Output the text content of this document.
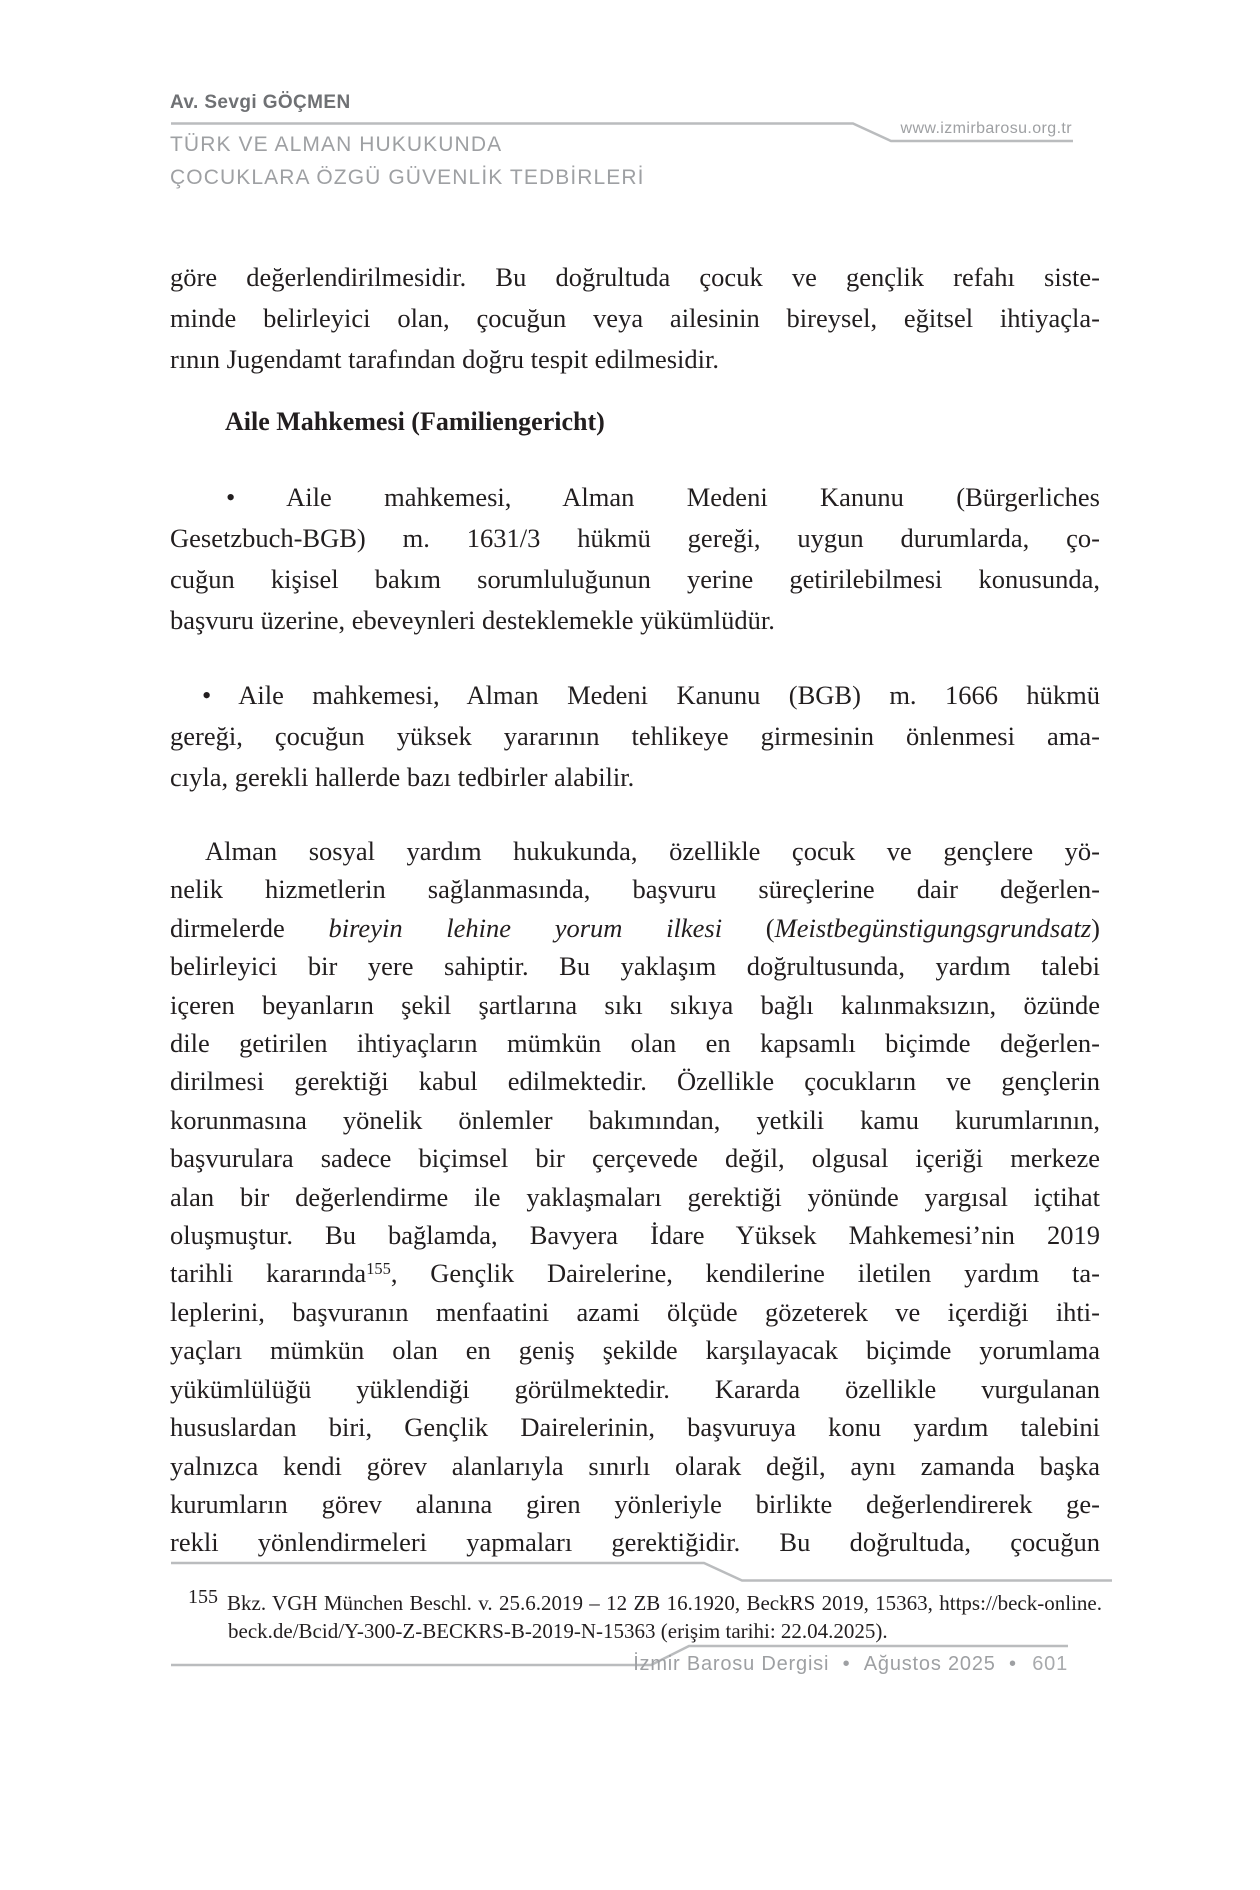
Av. Sevgi GÖÇMEN
TÜRK VE ALMAN HUKUKUNDA
ÇOCUKLARA ÖZGÜ GÜVENLİK TEDBİRLERİ
www.izmirbarosu.org.tr
göre değerlendirilmesidir. Bu doğrultuda çocuk ve gençlik refahı siste-
minde belirleyici olan, çocuğun veya ailesinin bireysel, eğitsel ihtiyaçla-
rının Jugendamt tarafından doğru tespit edilmesidir.
Aile Mahkemesi (Familiengericht)
• Aile mahkemesi, Alman Medeni Kanunu (Bürgerliches
Gesetzbuch-BGB) m. 1631/3 hükmü gereği, uygun durumlarda, ço-
cuğun kişisel bakım sorumluluğunun yerine getirilebilmesi konusunda,
başvuru üzerine, ebeveynleri desteklemekle yükümlüdür.
• Aile mahkemesi, Alman Medeni Kanunu (BGB) m. 1666 hükmü
gereği, çocuğun yüksek yararının tehlikeye girmesinin önlenmesi ama-
cıyla, gerekli hallerde bazı tedbirler alabilir.
Alman sosyal yardım hukukunda, özellikle çocuk ve gençlere yö-
nelik hizmetlerin sağlanmasında, başvuru süreçlerine dair değerlen-
dirmelerde bireyin lehine yorum ilkesi (Meistbegünstigungsgrundsatz)
belirleyici bir yere sahiptir. Bu yaklaşım doğrultusunda, yardım talebi
içeren beyanların şekil şartlarına sıkı sıkıya bağlı kalınmaksızın, özünde
dile getirilen ihtiyaçların mümkün olan en kapsamlı biçimde değerlen-
dirilmesi gerektiği kabul edilmektedir. Özellikle çocukların ve gençlerin
korunmasına yönelik önlemler bakımından, yetkili kamu kurumlarının,
başvurulara sadece biçimsel bir çerçevede değil, olgusal içeriği merkeze
alan bir değerlendirme ile yaklaşmaları gerektiği yönünde yargısal içtihat
oluşmuştur. Bu bağlamda, Bavyera İdare Yüksek Mahkemesi’nin 2019
tarihli kararında$^{155}$, Gençlik Dairelerine, kendilerine iletilen yardım ta-
leplerini, başvuranın menfaatini azami ölçüde gözeterek ve içerdiği ihti-
yaçları mümkün olan en geniş şekilde karşılayacak biçimde yorumlama
yükümlülüğü yüklendiği görülmektedir. Kararda özellikle vurgulanan
hususlardan biri, Gençlik Dairelerinin, başvuruya konu yardım talebini
yalnızca kendi görev alanlarıyla sınırlı olarak değil, aynı zamanda başka
kurumların görev alanına giren yönleriyle birlikte değerlendirerek ge-
rekli yönlendirmeleri yapmaları gerektiğidir. Bu doğrultuda, çocuğun
155 Bkz. VGH München Beschl. v. 25.6.2019 – 12 ZB 16.1920, BeckRS 2019, 15363, https://beck-online.
beck.de/Bcid/Y-300-Z-BECKRS-B-2019-N-15363 (erişim tarihi: 22.04.2025).
İzmir Barosu Dergisi • Ağustos 2025 • 601
